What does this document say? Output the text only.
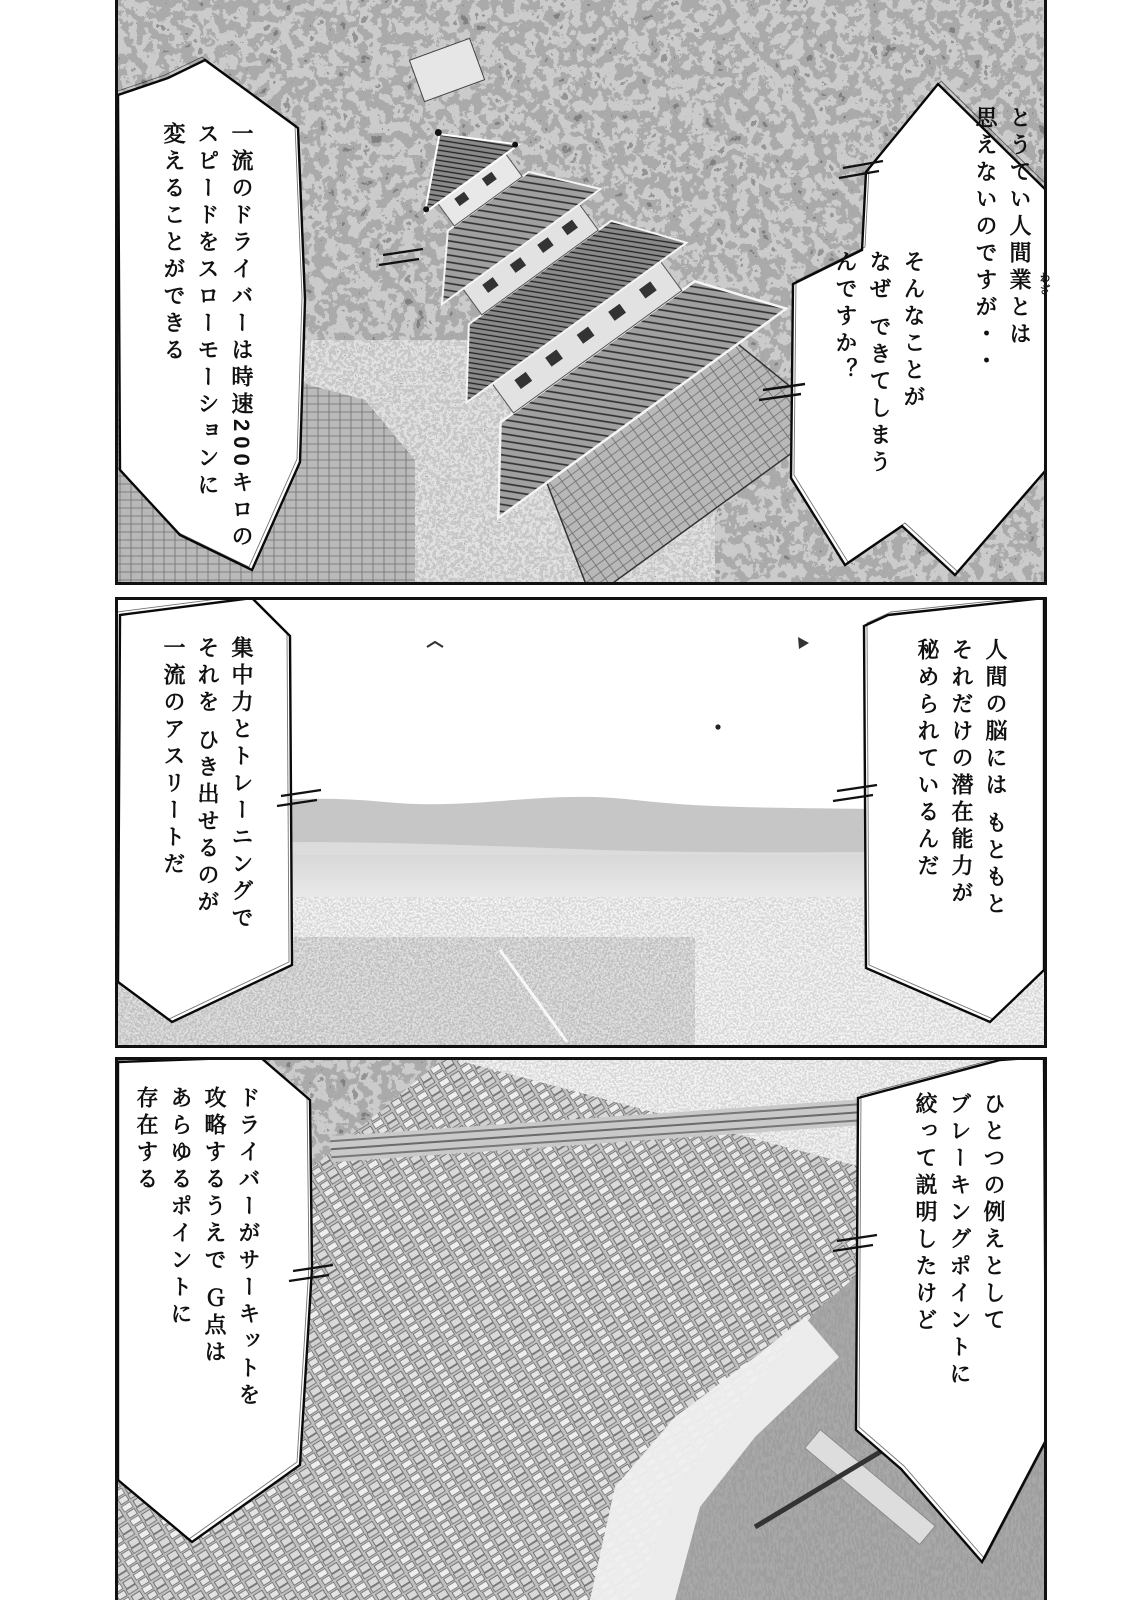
とうてい人間業とは
思えないのですが・・	わざ
そんなことが
なぜ できてしまう
んですか？
一流のドライバーは時速200キロの
スピードをスローモーションに
変えることができる
人間の脳には もともと
それだけの潜在能力が
秘められているんだ
集中力とトレーニングで
それを ひき出せるのが
一流のアスリートだ
ひとつの例えとして
ブレーキングポイントに
絞って説明したけど
ドライバーがサーキットを
攻略するうえで Ｇ点は
あらゆるポイントに
存在する
